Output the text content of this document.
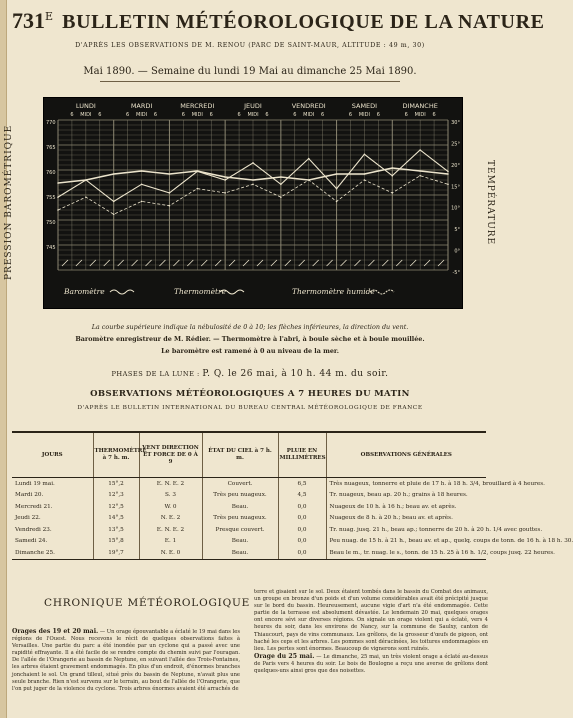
$731^E$ BULLETIN MÉTÉOROLOGIQUE DE LA NATURE
D'APRÈS LES OBSERVATIONS DE M. RENOU (PARC DE SAINT-MAUR, ALTITUDE : 49 m, 30)
Mai 1890. — Semaine du lundi 19 Mai au dimanche 25 Mai 1890.
PRESSION BAROMÉTRIQUE	TEMPÉRATURE
LUNDI
6 MIDI 6
MARDI
6 MIDI 6
MERCREDI
6 MIDI 6
JEUDI
6 MIDI 6
VENDREDI
6 MIDI 6
SAMEDI
6 MIDI 6
DIMANCHE
6 MIDI 6
770
765
760
755
750
745
30°
25°
20°
15°
10°
5°
0°
-5°
Baromètre	Thermomètre	Thermomètre humide
La courbe supérieure indique la nébulosité de 0 à 10; les flèches inférieures, la direction du vent.
Baromètre enregistreur de M. Rédier. — Thermomètre à l'abri, à boule sèche et à boule mouillée.
Le baromètre est ramené à 0 au niveau de la mer.
PHASES DE LA LUNE : P. Q. le 26 mai, à 10 h. 44 m. du soir.
OBSERVATIONS MÉTÉOROLOGIQUES A 7 HEURES DU MATIN
D'APRÈS LE BULLETIN INTERNATIONAL DU BUREAU CENTRAL MÉTÉOROLOGIQUE DE FRANCE
JOURS	THERMOMÈTRE à 7 h. m.	VENT DIRECTION ET FORCE DE 0 À 9	ÉTAT DU CIEL à 7 h. m.	PLUIE EN MILLIMÈTRES	OBSERVATIONS GÉNÉRALES
Lundi 19 mai.	15°,2	E. N. E. 2	Couvert.	6,5	Très nuageux, tonnerre et pluie de 17 h. à 18 h. 3/4, brouillard à 4 heures.
Mardi 20.	12°,3	S. 3	Très peu nuageux.	4,5	Tr. nuageux, beau ap. 20 h.; grains à 18 heures.
Mercredi 21.	12°,5	W. 0	Beau.	0,0	Nuageux de 10 h. à 16 h.; beau av. et après.
Jeudi 22.	14°,5	N. E. 2	Très peu nuageux.	0,0	Nuageux de 8 h. à 20 h.; beau av. et après.
Vendredi 23.	13°,5	E. N. E. 2	Presque couvert.	0,0	Tr. nuag. jusq. 21 h., beau ap.; tonnerre de 20 h. à 20 h. 1/4 avec gouttes.
Samedi 24.	15°,8	E. 1	Beau.	0,0	Peu nuag. de 15 h. à 21 h., beau av. et ap., quelq. coups de tonn. de 16 h. à 18 h. 30.
Dimanche 25.	19°,7	N. E. 0	Beau.	0,0	Beau le m., tr. nuag. le s., tonn. de 15 h. 25 à 16 h. 1/2, coups jusq. 22 heures.
CHRONIQUE MÉTÉOROLOGIQUE
Orages des 19 et 20 mai. — Un orage épouvantable a éclaté le 19 mai dans les régions de l'Ouest. Nous recevons le récit de quelques observations faites à Versailles. Une partie du parc a été inondée par un cyclone qui a passé avec une rapidité effrayante. Il a été facile de se rendre compte du chemin suivi par l'ouragan. De l'allée de l'Orangerie au bassin de Neptune, en suivant l'allée des Trois-Fontaines, les arbres étaient gravement endommagés. En plus d'un endroit, d'énormes branches jonchaient le sol. Un grand tilleul, situé près du bassin de Neptune, n'avait plus une seule branche. Rien n'est survenu sur le terrain, au bout de l'allée de l'Orangerie, que l'on put juger de la violence du cyclone. Trois arbres énormes avaient été arrachés de
terre et gisaient sur le sol. Deux étaient tombés dans le bassin du Combat des animaux, un groupe en bronze d'un poids et d'un volume considérables avait été précipité jusque sur le bord du bassin. Heureusement, aucune vigie d'art n'a été endommagée. Cette partie de la terrasse est absolument dévastée. Le lendemain 20 mai, quelques orages ont encore sévi sur diverses régions. On signale un orage violent qui a éclaté, vers 4 heures du soir, dans les environs de Nancy, sur la commune de Saulxy, canton de Thiaucourt, pays de vins communaux. Les grêlons, de la grosseur d'œufs de pigeon, ont haché les ceps et les arbres. Les pommes sont déracinées, les toitures endommagées en lieu. Les pertes sont énormes. Beaucoup de vignerons sont ruinés.
Orage du 25 mai. — Le dimanche, 25 mai, un très violent orage a éclaté au-dessus de Paris vers 4 heures du soir. Le bois de Boulogne a reçu une averse de grêlons dont quelques-uns ainsi gros que des noisettes.
